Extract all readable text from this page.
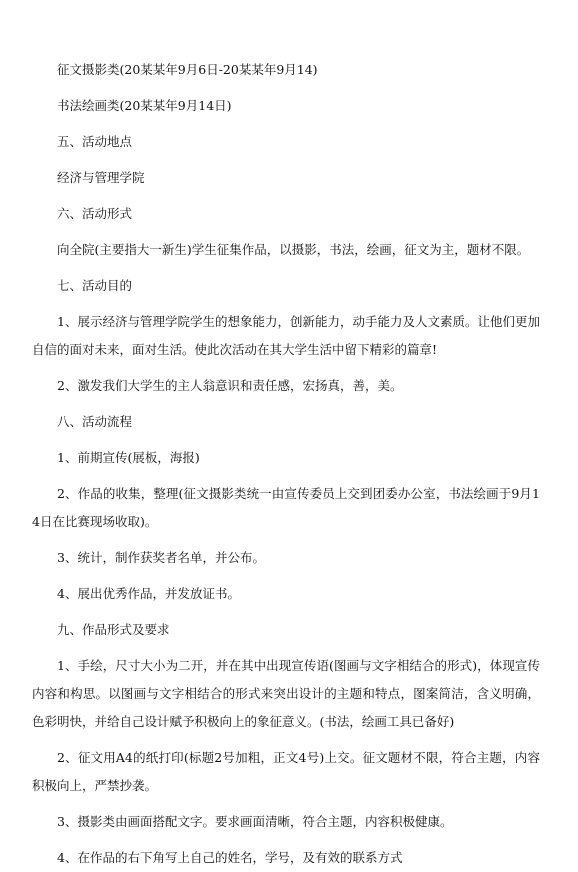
征文摄影类(20某某年9月6日-20某某年9月14)

书法绘画类(20某某年9月14日)

五、活动地点

经济与管理学院

六、活动形式

向全院(主要指大一新生)学生征集作品，以摄影，书法，绘画，征文为主，题材不限。

七、活动目的

1、展示经济与管理学院学生的想象能力，创新能力，动手能力及人文素质。让他们更加自信的面对未来，面对生活。使此次活动在其大学生活中留下精彩的篇章!

2、激发我们大学生的主人翁意识和责任感，宏扬真，善，美。

八、活动流程

1、前期宣传(展板，海报)

2、作品的收集，整理(征文摄影类统一由宣传委员上交到团委办公室，书法绘画于9月14日在比赛现场收取)。

3、统计，制作获奖者名单，并公布。

4、展出优秀作品，并发放证书。

九、作品形式及要求

1、手绘，尺寸大小为二开，并在其中出现宣传语(图画与文字相结合的形式)，体现宣传内容和构思。以图画与文字相结合的形式来突出设计的主题和特点，图案简洁，含义明确，色彩明快，并给自己设计赋予积极向上的象征意义。(书法，绘画工具已备好)

2、征文用A4的纸打印(标题2号加粗，正文4号)上交。征文题材不限，符合主题，内容积极向上，严禁抄袭。

3、摄影类由画面搭配文字。要求画面清晰，符合主题，内容积极健康。

4、在作品的右下角写上自己的姓名，学号，及有效的联系方式
